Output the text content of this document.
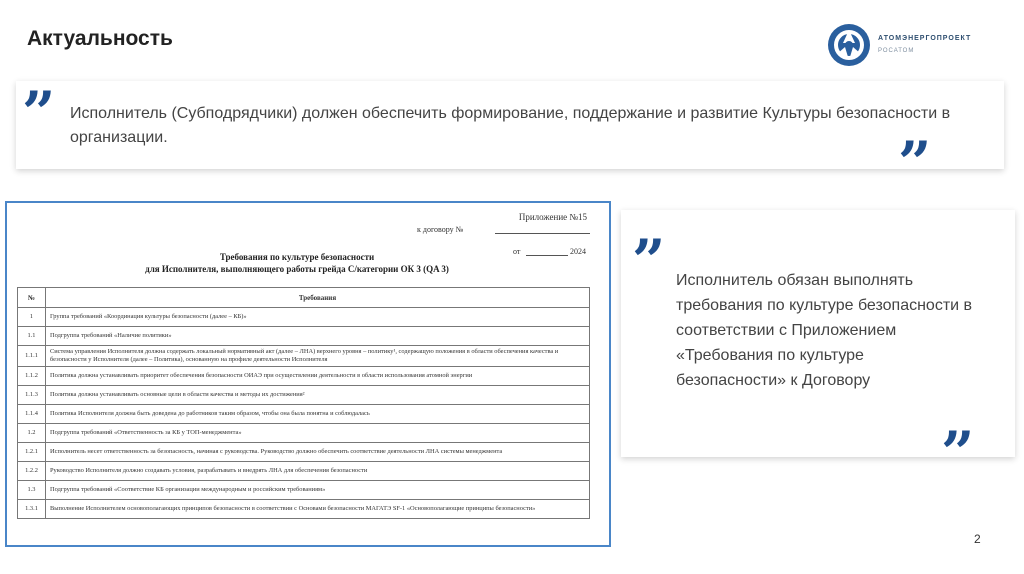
Актуальность	АТОМЭНЕРГОПРОЕКТ
РОСАТОМ
” Исполнитель (Субподрядчики) должен обеспечить формирование, поддержание и развитие Культуры безопасности в организации.	”
Приложение №15
к договору №
от	2024
Требования по культуре безопасности
для Исполнителя, выполняющего работы грейда С/категории ОК 3 (QA 3)
№	Требования
1	Группа требований «Координация культуры безопасности (далее – КБ)»
1.1	Подгруппа требований «Наличие политики»
1.1.1	Система управления Исполнителя должна содержать локальный нормативный акт (далее – ЛНА) верхнего уровня – политику¹, содержащую положения в области обеспечения качества и безопасности у Исполнителя (далее – Политика), основанную на профиле деятельности Исполнителя
1.1.2	Политика должна устанавливать приоритет обеспечения безопасности ОИАЭ при осуществлении деятельности в области использования атомной энергии
1.1.3	Политика должна устанавливать основные цели в области качества и методы их достижения²
1.1.4	Политика Исполнителя должна быть доведена до работников таким образом, чтобы она была понятна и соблюдалась
1.2	Подгруппа требований «Ответственность за КБ у ТОП-менеджмента»
1.2.1	Исполнитель несет ответственность за безопасность, начиная с руководства. Руководство должно обеспечить соответствие деятельности ЛНА системы менеджмента
1.2.2	Руководство Исполнителя должно создавать условия, разрабатывать и внедрять ЛНА для обеспечения безопасности
1.3	Подгруппа требований «Соответствие КБ организации международным и российским требованиям»
1.3.1	Выполнение Исполнителем основополагающих принципов безопасности в соответствии с Основами безопасности МАГАТЭ SF-1 «Основополагающие принципы безопасности»
” Исполнитель обязан выполнять требования по культуре безопасности в соответствии с Приложением «Требования по культуре безопасности» к Договору
”
2
